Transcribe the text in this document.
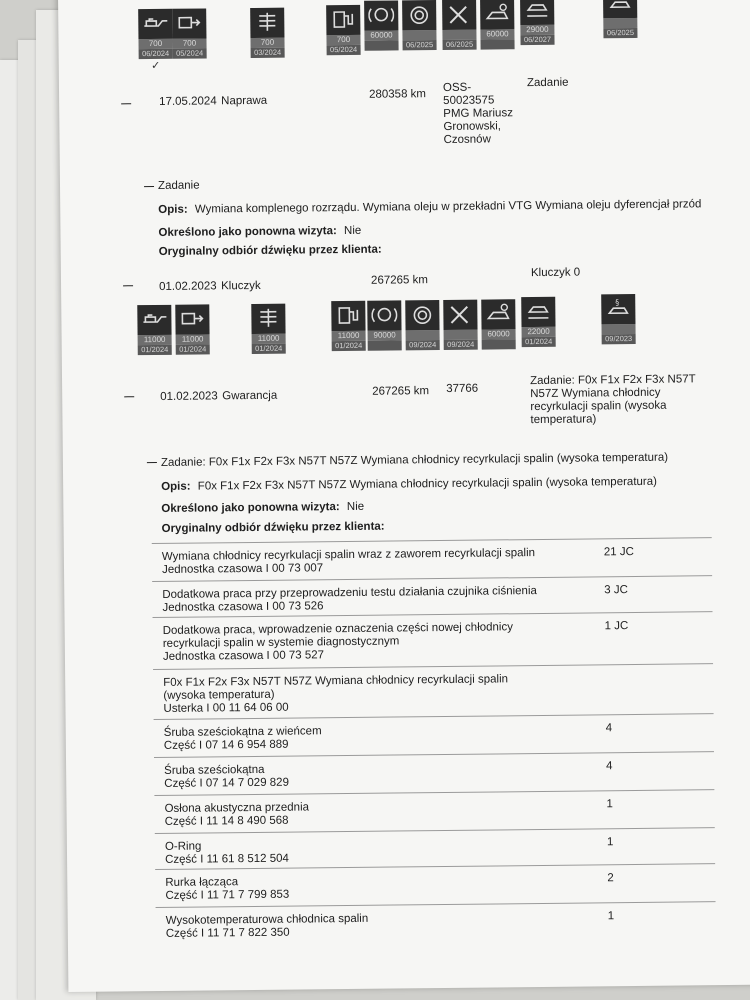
700
06/2024
✓
700
05/2024
700
03/2024
700
05/2024
60000
06/2025	06/2025
60000	29000
06/2027
06/2025
17.05.2024 Naprawa
280358 km
OSS-
50023575
PMG Mariusz
Gronowski,
Czosnów
Zadanie
Zadanie
Opis: Wymiana komplenego rozrządu. Wymiana oleju w przekładni VTG Wymiana oleju dyferencjał przód
Określono jako ponowna wizyta: Nie
Oryginalny odbiór dźwięku przez klienta:
01.02.2023 Kluczyk	267265 km
Kluczyk 0
11000
01/2024
11000
01/2024
11000
01/2024
11000
01/2024
90000
09/2024	09/2024
60000	22000
01/2024
§
09/2023
01.02.2023 Gwarancja	267265 km 37766
Zadanie: F0x F1x F2x F3x N57T N57Z Wymiana chłodnicy recyrkulacji spalin (wysoka temperatura)
Zadanie: F0x F1x F2x F3x N57T N57Z Wymiana chłodnicy recyrkulacji spalin (wysoka temperatura)
Opis: F0x F1x F2x F3x N57T N57Z Wymiana chłodnicy recyrkulacji spalin (wysoka temperatura)
Określono jako ponowna wizyta: Nie
Oryginalny odbiór dźwięku przez klienta:
Wymiana chłodnicy recyrkulacji spalin wraz z zaworem recyrkulacji spalin
Jednostka czasowa I 00 73 007
21 JC
Dodatkowa praca przy przeprowadzeniu testu działania czujnika ciśnienia
Jednostka czasowa I 00 73 526
3 JC
Dodatkowa praca, wprowadzenie oznaczenia części nowej chłodnicy
recyrkulacji spalin w systemie diagnostycznym
Jednostka czasowa I 00 73 527
1 JC
F0x F1x F2x F3x N57T N57Z Wymiana chłodnicy recyrkulacji spalin
(wysoka temperatura)
Usterka I 00 11 64 06 00
Śruba sześciokątna z wieńcem
Część I 07 14 6 954 889
4
Śruba sześciokątna
Część I 07 14 7 029 829
4
Osłona akustyczna przednia
Część I 11 14 8 490 568
1
O-Ring
Część I 11 61 8 512 504
1
Rurka łącząca
Część I 11 71 7 799 853
2
Wysokotemperaturowa chłodnica spalin
Część I 11 71 7 822 350
1
